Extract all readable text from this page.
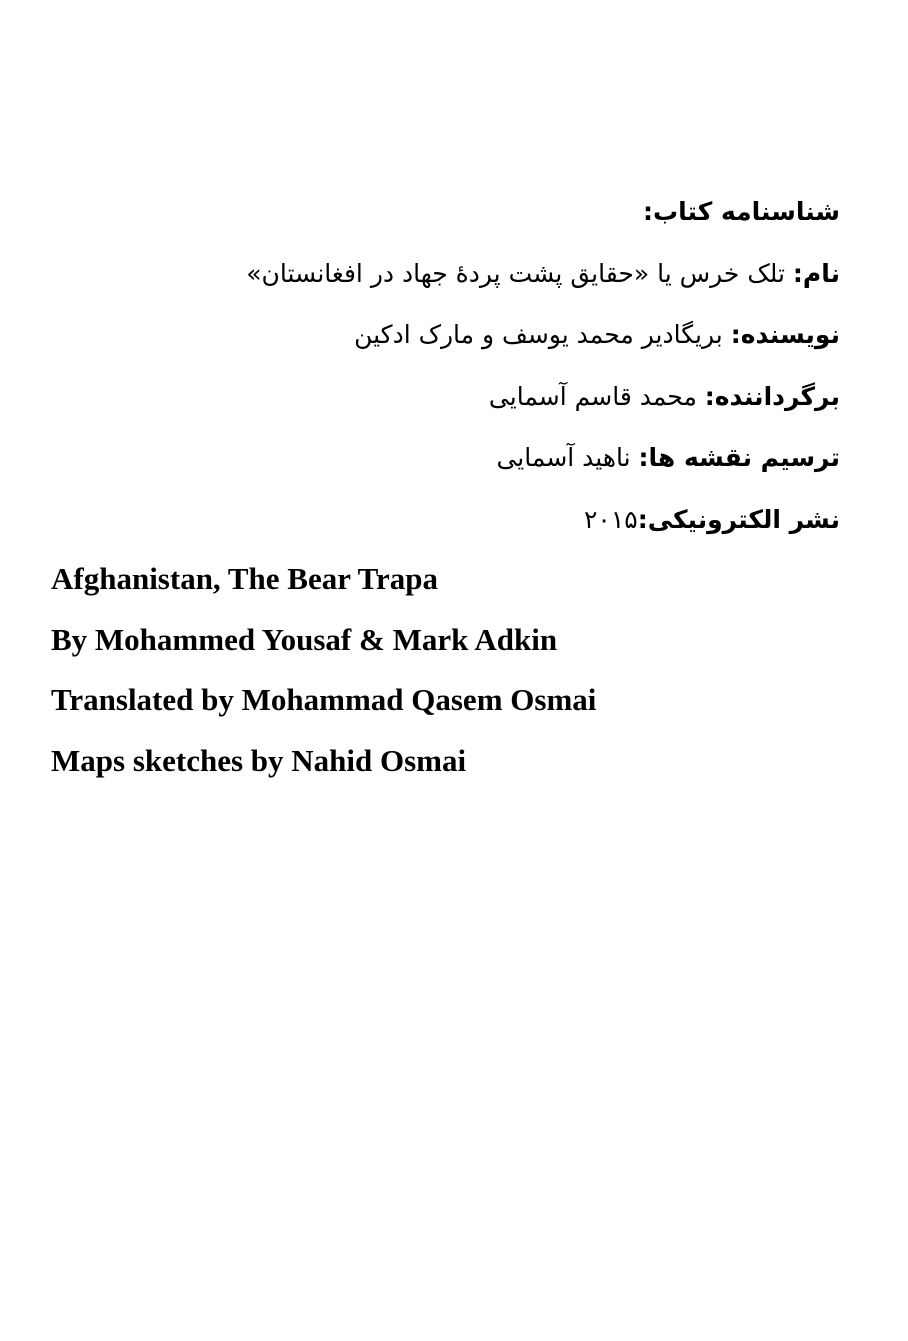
شناسنامه کتاب:
نام: تلک خرس یا «حقایق پشت پردهٔ جهاد در افغانستان»
نویسنده: بریگادیر محمد یوسف و مارک ادکین
برگرداننده: محمد قاسم آسمایی
ترسیم نقشه ها: ناهید آسمایی
نشر الکترونیکی:۲۰۱۵
Afghanistan, The Bear Trapa
By Mohammed Yousaf & Mark Adkin
Translated by Mohammad Qasem Osmai
Maps sketches by Nahid Osmai
